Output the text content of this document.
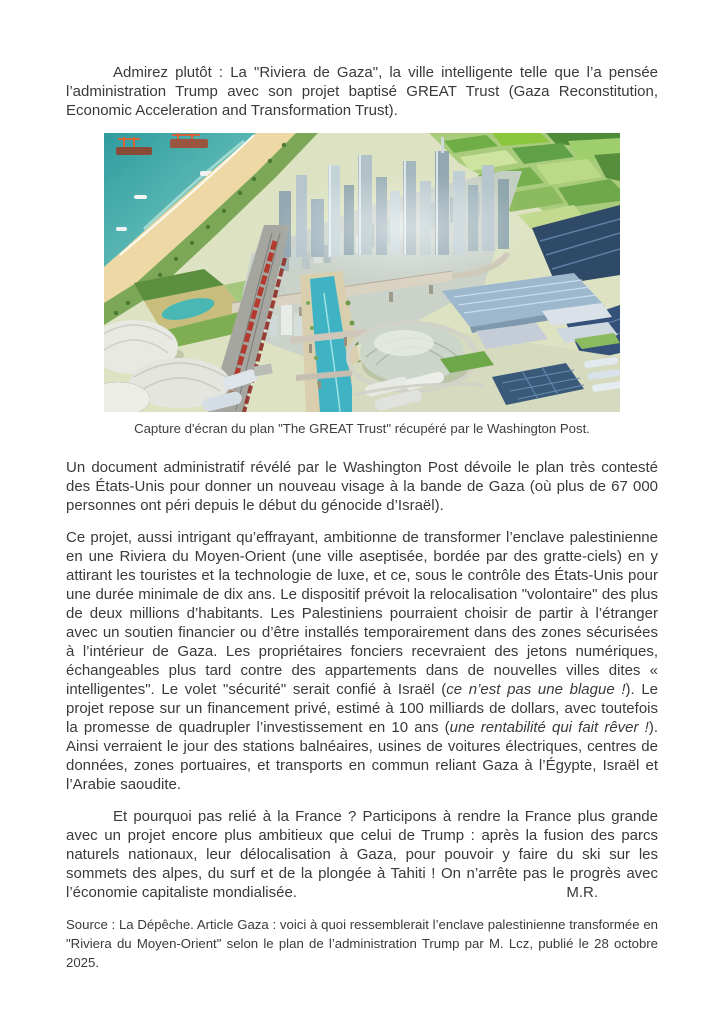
Admirez plutôt : La "Riviera de Gaza", la ville intelligente telle que l’a pensée l’administration Trump avec son projet baptisé GREAT Trust (Gaza Reconstitution, Economic Acceleration and Transformation Trust).

Capture d'écran du plan "The GREAT Trust" récupéré par le Washington Post.

Un document administratif révélé par le Washington Post dévoile le plan très contesté des États-Unis pour donner un nouveau visage à la bande de Gaza (où plus de 67 000 personnes ont péri depuis le début du génocide d’Israël).

Ce projet, aussi intrigant qu’effrayant, ambitionne de transformer l’enclave palestinienne en une Riviera du Moyen-Orient (une ville aseptisée, bordée par des gratte-ciels) en y attirant les touristes et la technologie de luxe, et ce, sous le contrôle des États-Unis pour une durée minimale de dix ans. Le dispositif prévoit la relocalisation "volontaire" des plus de deux millions d’habitants. Les Palestiniens pourraient choisir de partir à l’étranger avec un soutien financier ou d’être installés temporairement dans des zones sécurisées à l’intérieur de Gaza. Les propriétaires fonciers recevraient des jetons numériques, échangeables plus tard contre des appartements dans de nouvelles villes dites « intelligentes". Le volet "sécurité" serait confié à Israël (ce n’est pas une blague !). Le projet repose sur un financement privé, estimé à 100 milliards de dollars, avec toutefois la promesse de quadrupler l’investissement en 10 ans (une rentabilité qui fait rêver !). Ainsi verraient le jour des stations balnéaires, usines de voitures électriques, centres de données, zones portuaires, et transports en commun reliant Gaza à l’Égypte, Israël et l’Arabie saoudite.

Et pourquoi pas relié à la France ? Participons à rendre la France plus grande avec un projet encore plus ambitieux que celui de Trump : après la fusion des parcs naturels nationaux, leur délocalisation à Gaza, pour pouvoir y faire du ski sur les sommets des alpes, du surf et de la plongée à Tahiti ! On n’arrête pas le progrès avec l’économie capitaliste mondialisée.	M.R.

Source : La Dépêche. Article Gaza : voici à quoi ressemblerait l’enclave palestinienne transformée en "Riviera du Moyen-Orient" selon le plan de l’administration Trump par M. Lcz, publié le 28 octobre 2025.
